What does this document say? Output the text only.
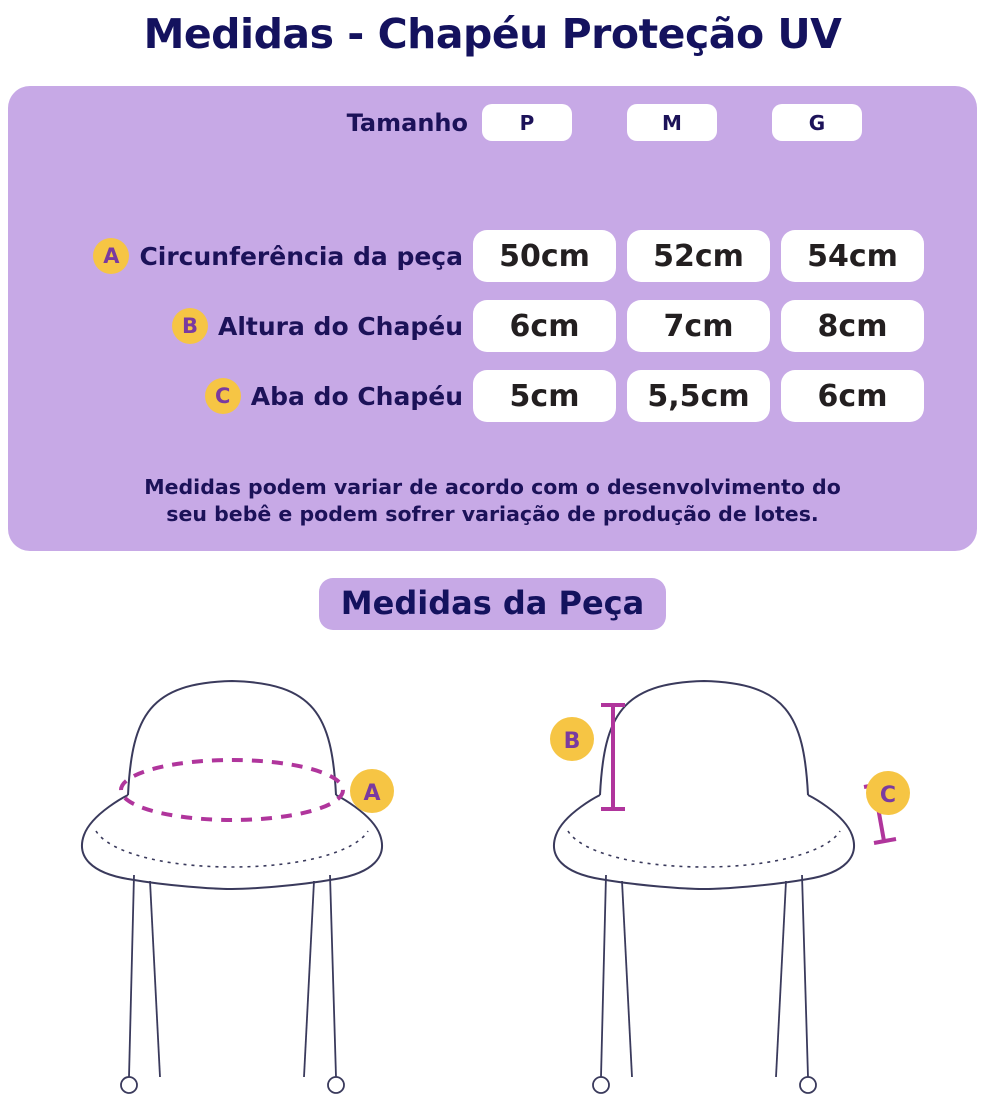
Medidas - Chapéu Proteção UV
Tamanho	P	M	G
A Circunferência da peça	50cm	52cm	54cm
B Altura do Chapéu	6cm	7cm	8cm
C Aba do Chapéu	5cm	5,5cm	6cm
Medidas podem variar de acordo com o desenvolvimento do
seu bebê e podem sofrer variação de produção de lotes.
Medidas da Peça
A
B
C
